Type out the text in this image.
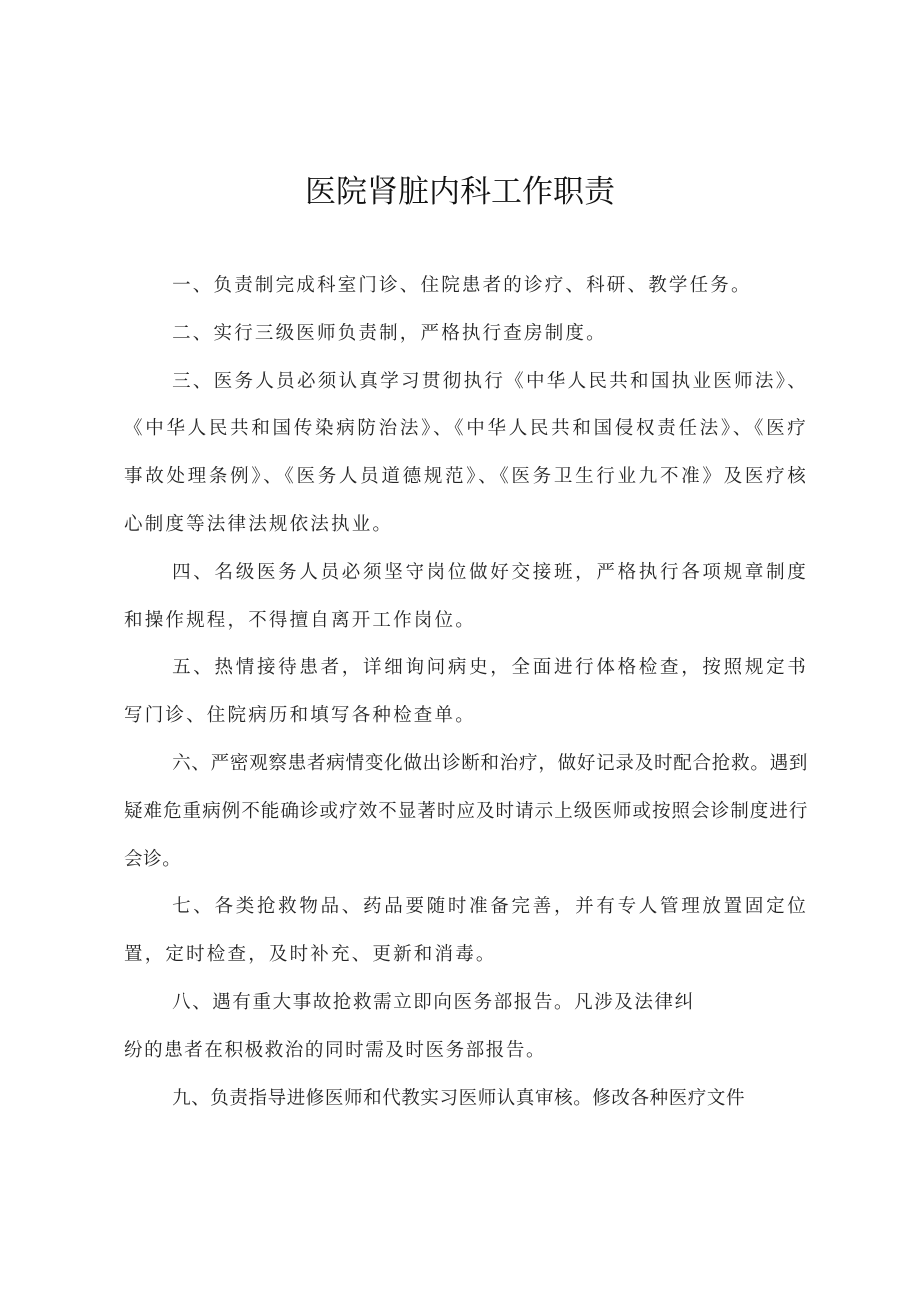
医院肾脏内科工作职责

一、负责制完成科室门诊、住院患者的诊疗、科研、教学任务。

二、实行三级医师负责制，严格执行查房制度。

三、医务人员必须认真学习贯彻执行《中华人民共和国执业医师法》、《中华人民共和国传染病防治法》、《中华人民共和国侵权责任法》、《医疗事故处理条例》、《医务人员道德规范》、《医务卫生行业九不准》及医疗核心制度等法律法规依法执业。

四、名级医务人员必须坚守岗位做好交接班，严格执行各项规章制度和操作规程，不得擅自离开工作岗位。

五、热情接待患者，详细询问病史，全面进行体格检查，按照规定书写门诊、住院病历和填写各种检查单。

六、严密观察患者病情变化做出诊断和治疗，做好记录及时配合抢救。遇到疑难危重病例不能确诊或疗效不显著时应及时请示上级医师或按照会诊制度进行会诊。

七、各类抢救物品、药品要随时准备完善，并有专人管理放置固定位置，定时检查，及时补充、更新和消毒。

八、遇有重大事故抢救需立即向医务部报告。凡涉及法律纠

纷的患者在积极救治的同时需及时医务部报告。

九、负责指导进修医师和代教实习医师认真审核。修改各种医疗文件
